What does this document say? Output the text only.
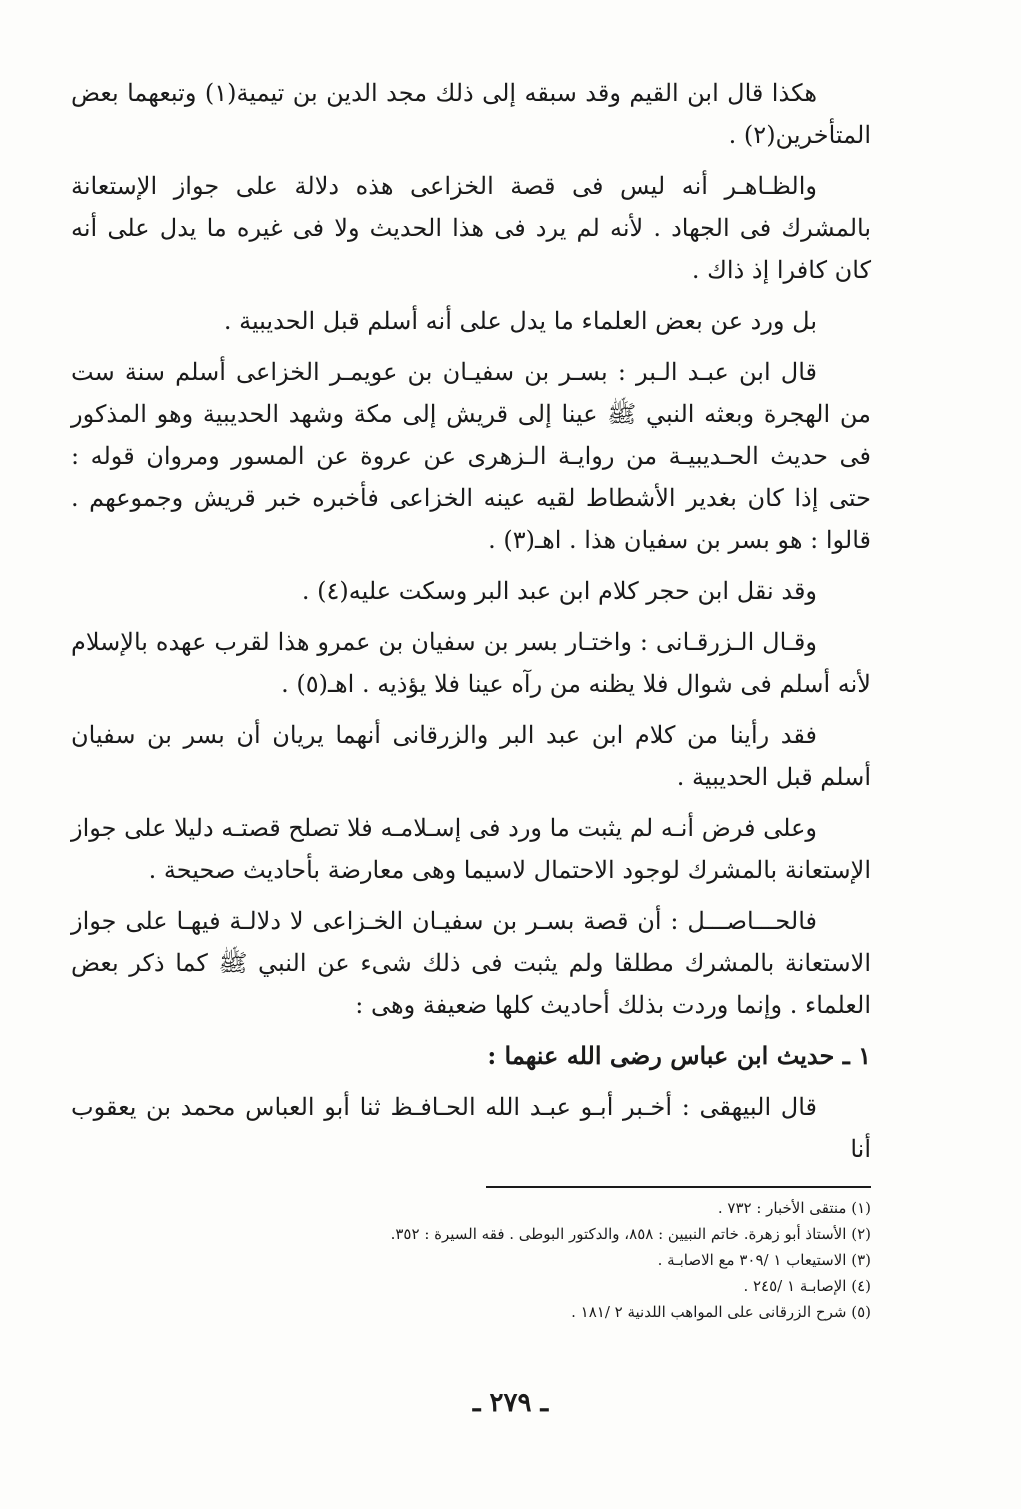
هكذا قال ابن القيم وقد سبقه إلى ذلك مجد الدين بن تيمية(١) وتبعهما بعض المتأخرين(٢) .

والظـاهـر أنه ليس فى قصة الخزاعى هذه دلالة على جواز الإستعانة بالمشرك فى الجهاد . لأنه لم يرد فى هذا الحديث ولا فى غيره ما يدل على أنه كان كافرا إذ ذاك .

بل ورد عن بعض العلماء ما يدل على أنه أسلم قبل الحديبية .

قال ابن عبـد الـبر : بسـر بن سفيـان بن عويمـر الخزاعى أسلم سنة ست من الهجرة وبعثه النبي ﷺ عينا إلى قريش إلى مكة وشهد الحديبية وهو المذكور فى حديث الحـديبيـة من روايـة الـزهرى عن عروة عن المسور ومروان قوله : حتى إذا كان بغدير الأشطاط لقيه عينه الخزاعى فأخبره خبر قريش وجموعهم . قالوا : هو بسر بن سفيان هذا . اهـ(٣) .

وقد نقل ابن حجر كلام ابن عبد البر وسكت عليه(٤) .

وقـال الـزرقـانى : واختـار بسر بن سفيان بن عمرو هذا لقرب عهده بالإسلام لأنه أسلم فى شوال فلا يظنه من رآه عينا فلا يؤذيه . اهـ(٥) .

فقد رأينا من كلام ابن عبد البر والزرقانى أنهما يريان أن بسر بن سفيان أسلم قبل الحديبية .

وعلى فرض أنـه لم يثبت ما ورد فى إسـلامـه فلا تصلح قصتـه دليلا على جواز الإستعانة بالمشرك لوجود الاحتمال لاسيما وهى معارضة بأحاديث صحيحة .

فالحـــاصـــل : أن قصة بسـر بن سفيـان الخـزاعى لا دلالـة فيهـا على جواز الاستعانة بالمشرك مطلقا ولم يثبت فى ذلك شىء عن النبي ﷺ كما ذكر بعض العلماء . وإنما وردت بذلك أحاديث كلها ضعيفة وهى :

١ ـ حديث ابن عباس رضى الله عنهما :

قال البيهقى : أخـبر أبـو عبـد الله الحـافـظ ثنا أبو العباس محمد بن يعقوب أنا

(١) منتقى الأخبار : ٧٣٢ .

(٢) الأستاذ أبو زهرة. خاتم النبيين : ٨٥٨، والدكتور البوطى . فقه السيرة : ٣٥٢.

(٣) الاستيعاب ١ /٣٠٩ مع الاصابـة .

(٤) الإصابـة ١ /٢٤٥ .

(٥) شرح الزرقانى على المواهب اللدنية ٢ /١٨١ .

ـ ٢٧٩ ـ
